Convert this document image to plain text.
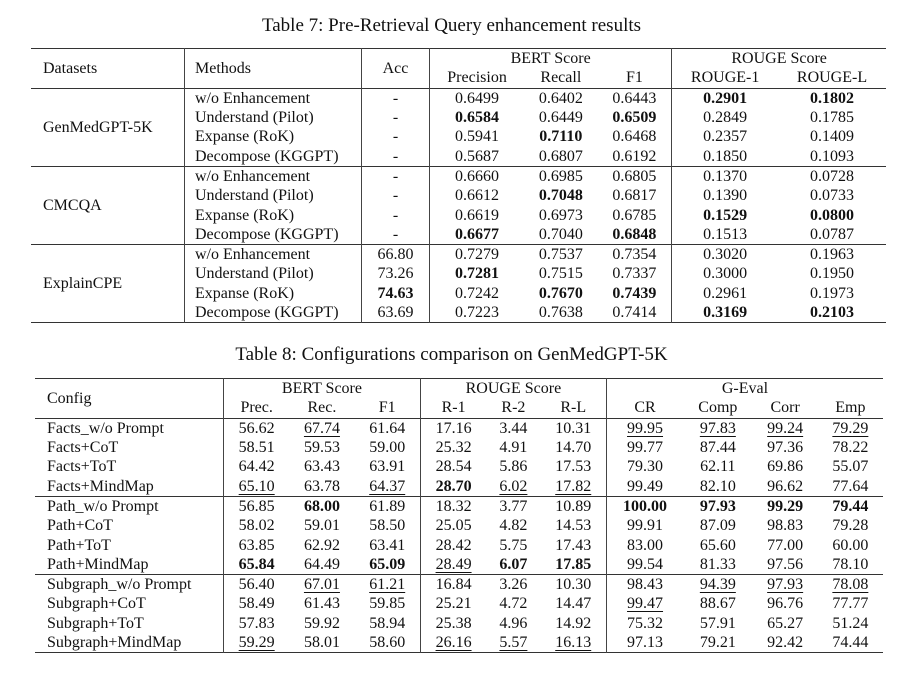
Table 7: Pre-Retrieval Query enhancement results
Datasets	Methods	Acc	BERT Score			ROUGE Score	
			Precision	Recall	F1	ROUGE-1	ROUGE-L
GenMedGPT-5K	w/o Enhancement	-	0.6499	0.6402	0.6443	0.2901	0.1802
	Understand (Pilot)	-	0.6584	0.6449	0.6509	0.2849	0.1785
	Expanse (RoK)	-	0.5941	0.7110	0.6468	0.2357	0.1409
	Decompose (KGGPT)	-	0.5687	0.6807	0.6192	0.1850	0.1093
CMCQA	w/o Enhancement	-	0.6660	0.6985	0.6805	0.1370	0.0728
	Understand (Pilot)	-	0.6612	0.7048	0.6817	0.1390	0.0733
	Expanse (RoK)	-	0.6619	0.6973	0.6785	0.1529	0.0800
	Decompose (KGGPT)	-	0.6677	0.7040	0.6848	0.1513	0.0787
ExplainCPE	w/o Enhancement	66.80	0.7279	0.7537	0.7354	0.3020	0.1963
	Understand (Pilot)	73.26	0.7281	0.7515	0.7337	0.3000	0.1950
	Expanse (RoK)	74.63	0.7242	0.7670	0.7439	0.2961	0.1973
	Decompose (KGGPT)	63.69	0.7223	0.7638	0.7414	0.3169	0.2103
Table 8: Configurations comparison on GenMedGPT-5K
Config	BERT Score			ROUGE Score			G-Eval			
	Prec.	Rec.	F1	R-1	R-2	R-L	CR	Comp	Corr	Emp
Facts_w/o Prompt	56.62	67.74	61.64	17.16	3.44	10.31	99.95	97.83	99.24	79.29
Facts+CoT	58.51	59.53	59.00	25.32	4.91	14.70	99.77	87.44	97.36	78.22
Facts+ToT	64.42	63.43	63.91	28.54	5.86	17.53	79.30	62.11	69.86	55.07
Facts+MindMap	65.10	63.78	64.37	28.70	6.02	17.82	99.49	82.10	96.62	77.64
Path_w/o Prompt	56.85	68.00	61.89	18.32	3.77	10.89	100.00	97.93	99.29	79.44
Path+CoT	58.02	59.01	58.50	25.05	4.82	14.53	99.91	87.09	98.83	79.28
Path+ToT	63.85	62.92	63.41	28.42	5.75	17.43	83.00	65.60	77.00	60.00
Path+MindMap	65.84	64.49	65.09	28.49	6.07	17.85	99.54	81.33	97.56	78.10
Subgraph_w/o Prompt	56.40	67.01	61.21	16.84	3.26	10.30	98.43	94.39	97.93	78.08
Subgraph+CoT	58.49	61.43	59.85	25.21	4.72	14.47	99.47	88.67	96.76	77.77
Subgraph+ToT	57.83	59.92	58.94	25.38	4.96	14.92	75.32	57.91	65.27	51.24
Subgraph+MindMap	59.29	58.01	58.60	26.16	5.57	16.13	97.13	79.21	92.42	74.44
